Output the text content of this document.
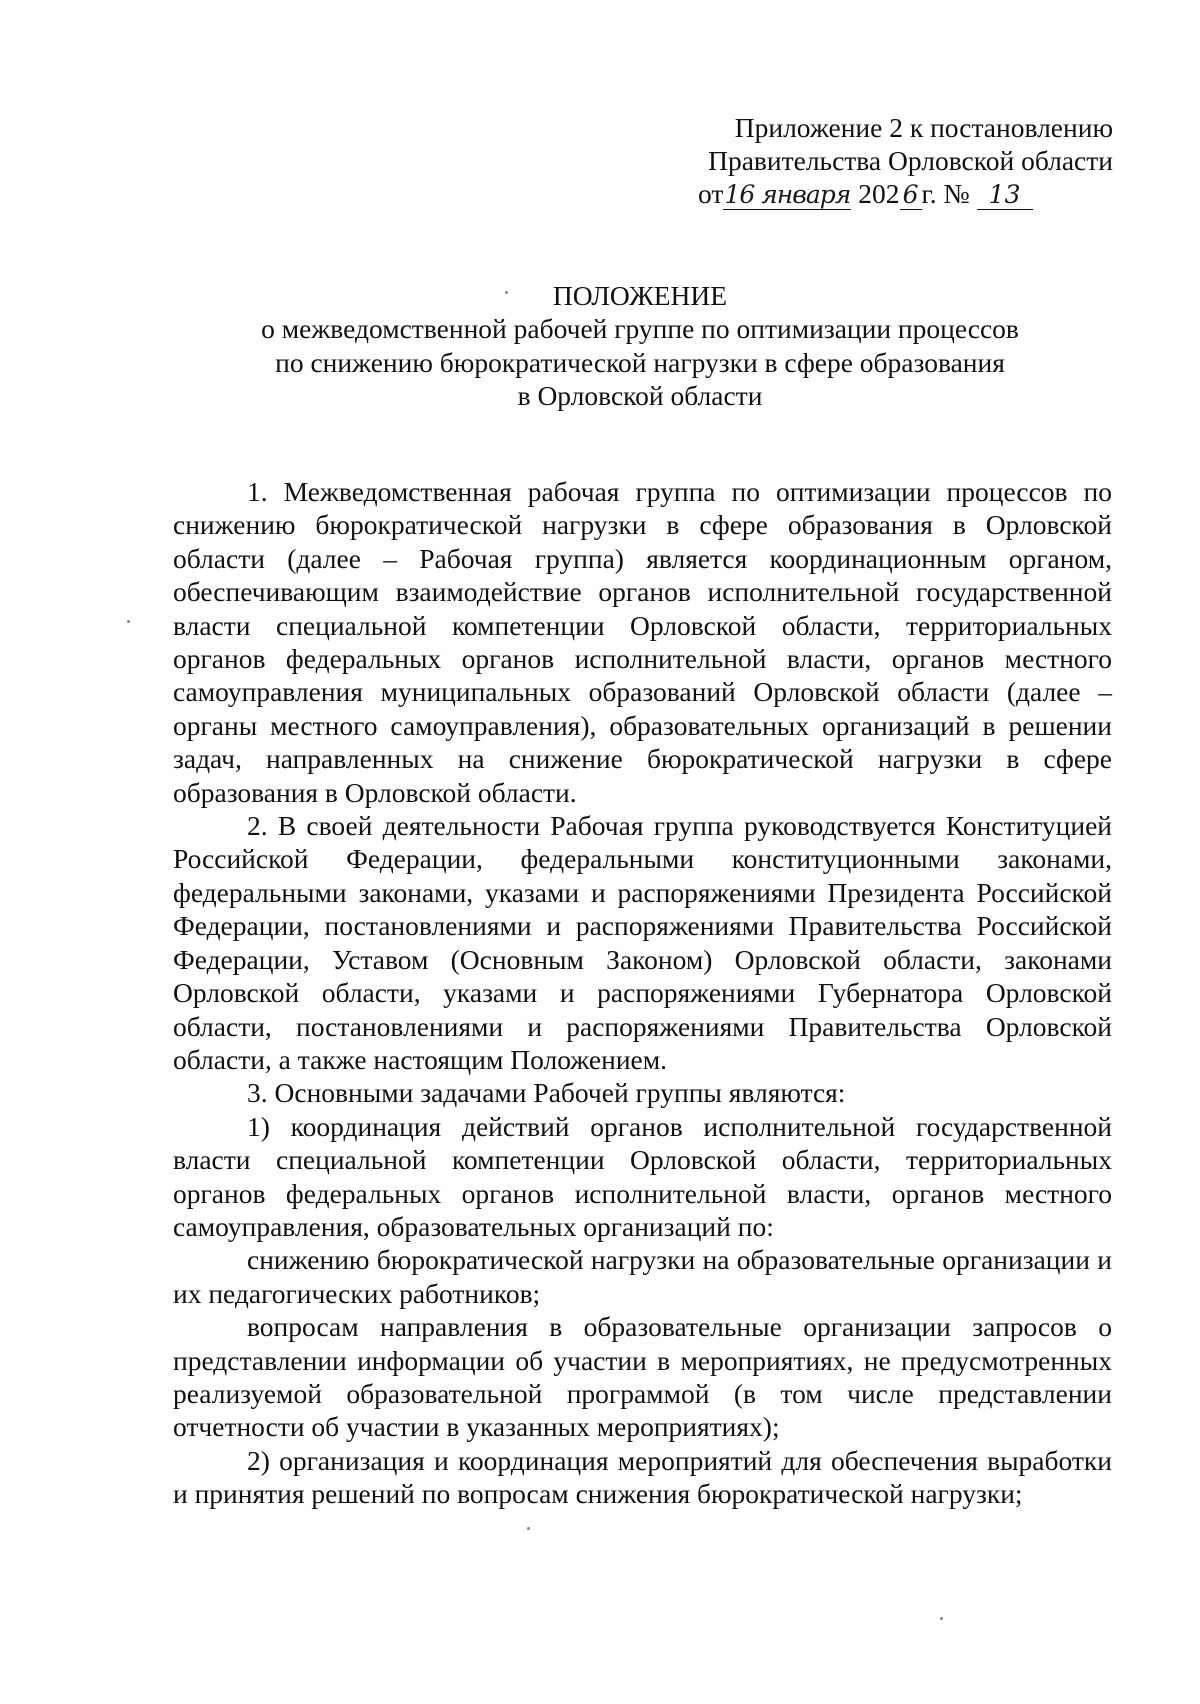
Приложение 2 к постановлению
Правительства Орловской области
от16 января 202 6 г. № 13
ПОЛОЖЕНИЕ
о межведомственной рабочей группе по оптимизации процессов
по снижению бюрократической нагрузки в сфере образования
в Орловской области

1. Межведомственная рабочая группа по оптимизации процессов по снижению бюрократической нагрузки в сфере образования в Орловской области (далее – Рабочая группа) является координационным органом, обеспечивающим взаимодействие органов исполнительной государственной власти специальной компетенции Орловской области, территориальных органов федеральных органов исполнительной власти, органов местного самоуправления муниципальных образований Орловской области (далее – органы местного самоуправления), образовательных организаций в решении задач, направленных на снижение бюрократической нагрузки в сфере образования в Орловской области.

2. В своей деятельности Рабочая группа руководствуется Конституцией Российской Федерации, федеральными конституционными законами, федеральными законами, указами и распоряжениями Президента Российской Федерации, постановлениями и распоряжениями Правительства Российской Федерации, Уставом (Основным Законом) Орловской области, законами Орловской области, указами и распоряжениями Губернатора Орловской области, постановлениями и распоряжениями Правительства Орловской области, а также настоящим Положением.

3. Основными задачами Рабочей группы являются:

1) координация действий органов исполнительной государственной власти специальной компетенции Орловской области, территориальных органов федеральных органов исполнительной власти, органов местного самоуправления, образовательных организаций по:

снижению бюрократической нагрузки на образовательные организации и их педагогических работников;

вопросам направления в образовательные организации запросов о представлении информации об участии в мероприятиях, не предусмотренных реализуемой образовательной программой (в том числе представлении отчетности об участии в указанных мероприятиях);

2) организация и координация мероприятий для обеспечения выработки и принятия решений по вопросам снижения бюрократической нагрузки;
